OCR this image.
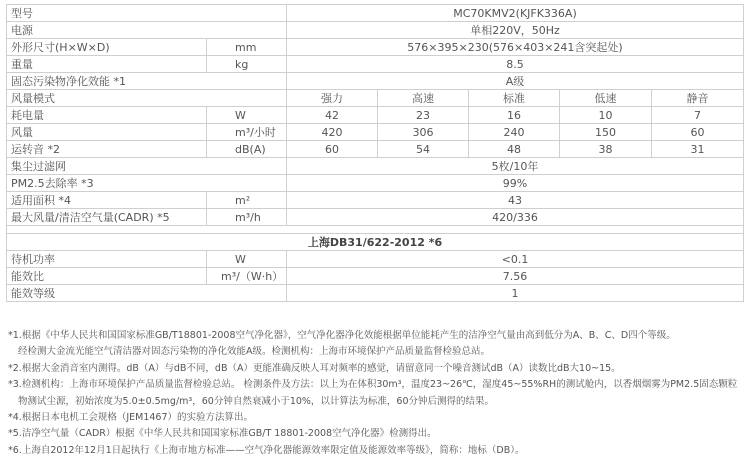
型号		MC70KMV2(KJFK336A)				
电源		单相220V，50Hz				
外形尺寸(H×W×D)	mm	576×395×230(576×403×241含突起处)				
重量	kg	8.5				
固态污染物净化效能 *1		A级				
风量模式		强力	高速	标准	低速	静音
耗电量	W	42	23	16	10	7
风量	m³/小时	420	306	240	150	60
运转音 *2	dB(A)	60	54	48	38	31
集尘过滤网		5枚/10年				
PM2.5去除率 *3		99%				
适用面积 *4	m²	43				
最大风量/清洁空气量(CADR) *5	m³/h	420/336				

上海DB31/622-2012 *6						
待机功率	W	<0.1				
能效比	m³/（W·h）	7.56				
能效等级		1				
*1.根据《中华人民共和国国家标准GB/T18801-2008空气净化器》，空气净化器净化效能根据单位能耗产生的洁净空气量由高到低分为A、B、C、D四个等级。
经检测大金流光能空气清洁器对固态污染物的净化效能A级。检测机构：上海市环境保护产品质量监督检验总站。
*2.根据大金消音室内测得。dB（A）与dB不同，dB（A）更能准确反映人耳对频率的感觉，请留意同一个噪音测试dB（A）读数比dB大10~15。
*3.检测机构：上海市环境保护产品质量监督检验总站。 检测条件及方法：以上为在体积30m³，温度23~26℃，湿度45~55%RH的测试舱内，以香烟烟雾为PM2.5固态颗粒
物测试尘源，初始浓度为5.0±0.5mg/m³，60分钟自然衰减小于10%，以计算法为标准，60分钟后测得的结果。
*4.根据日本电机工会规格（JEM1467）的实验方法算出。
*5.洁净空气量（CADR）根据《中华人民共和国国家标准GB/T 18801-2008空气净化器》检测得出。
*6.上海自2012年12月1日起执行《上海市地方标准——空气净化器能源效率限定值及能源效率等级》，简称：地标（DB）。
